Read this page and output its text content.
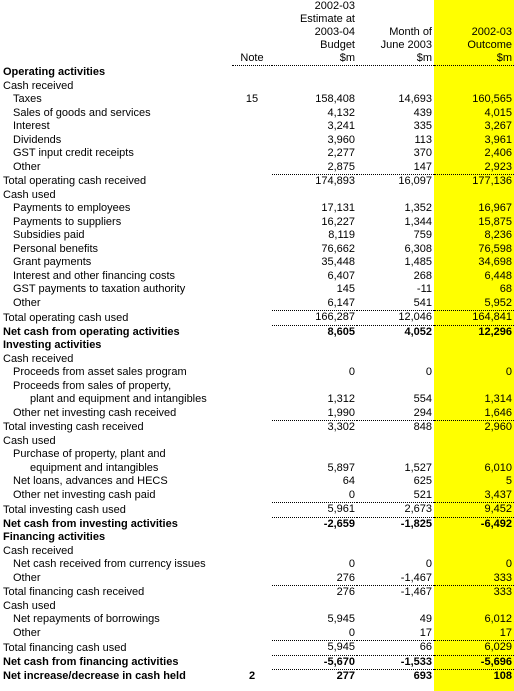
		2002-03		
		Estimate at		
		2003-04	Month of	2002-03
		Budget	June 2003	Outcome
	Note	$m	$m	$m
Operating activities				
Cash received				
Taxes	15	158,408	14,693	160,565
Sales of goods and services		4,132	439	4,015
Interest		3,241	335	3,267
Dividends		3,960	113	3,961
GST input credit receipts		2,277	370	2,406
Other		2,875	147	2,923
Total operating cash received		174,893	16,097	177,136
Cash used				
Payments to employees		17,131	1,352	16,967
Payments to suppliers		16,227	1,344	15,875
Subsidies paid		8,119	759	8,236
Personal benefits		76,662	6,308	76,598
Grant payments		35,448	1,485	34,698
Interest and other financing costs		6,407	268	6,448
GST payments to taxation authority		145	-11	68
Other		6,147	541	5,952
Total operating cash used		166,287	12,046	164,841
Net cash from operating activities		8,605	4,052	12,296
Investing activities				
Cash received				
Proceeds from asset sales program		0	0	0
Proceeds from sales of property,				
plant and equipment and intangibles		1,312	554	1,314
Other net investing cash received		1,990	294	1,646
Total investing cash received		3,302	848	2,960
Cash used				
Purchase of property, plant and				
equipment and intangibles		5,897	1,527	6,010
Net loans, advances and HECS		64	625	5
Other net investing cash paid		0	521	3,437
Total investing cash used		5,961	2,673	9,452
Net cash from investing activities		-2,659	-1,825	-6,492
Financing activities				
Cash received				
Net cash received from currency issues		0	0	0
Other		276	-1,467	333
Total financing cash received		276	-1,467	333
Cash used				
Net repayments of borrowings		5,945	49	6,012
Other		0	17	17
Total financing cash used		5,945	66	6,029
Net cash from financing activities		-5,670	-1,533	-5,696
Net increase/decrease in cash held	2	277	693	108
